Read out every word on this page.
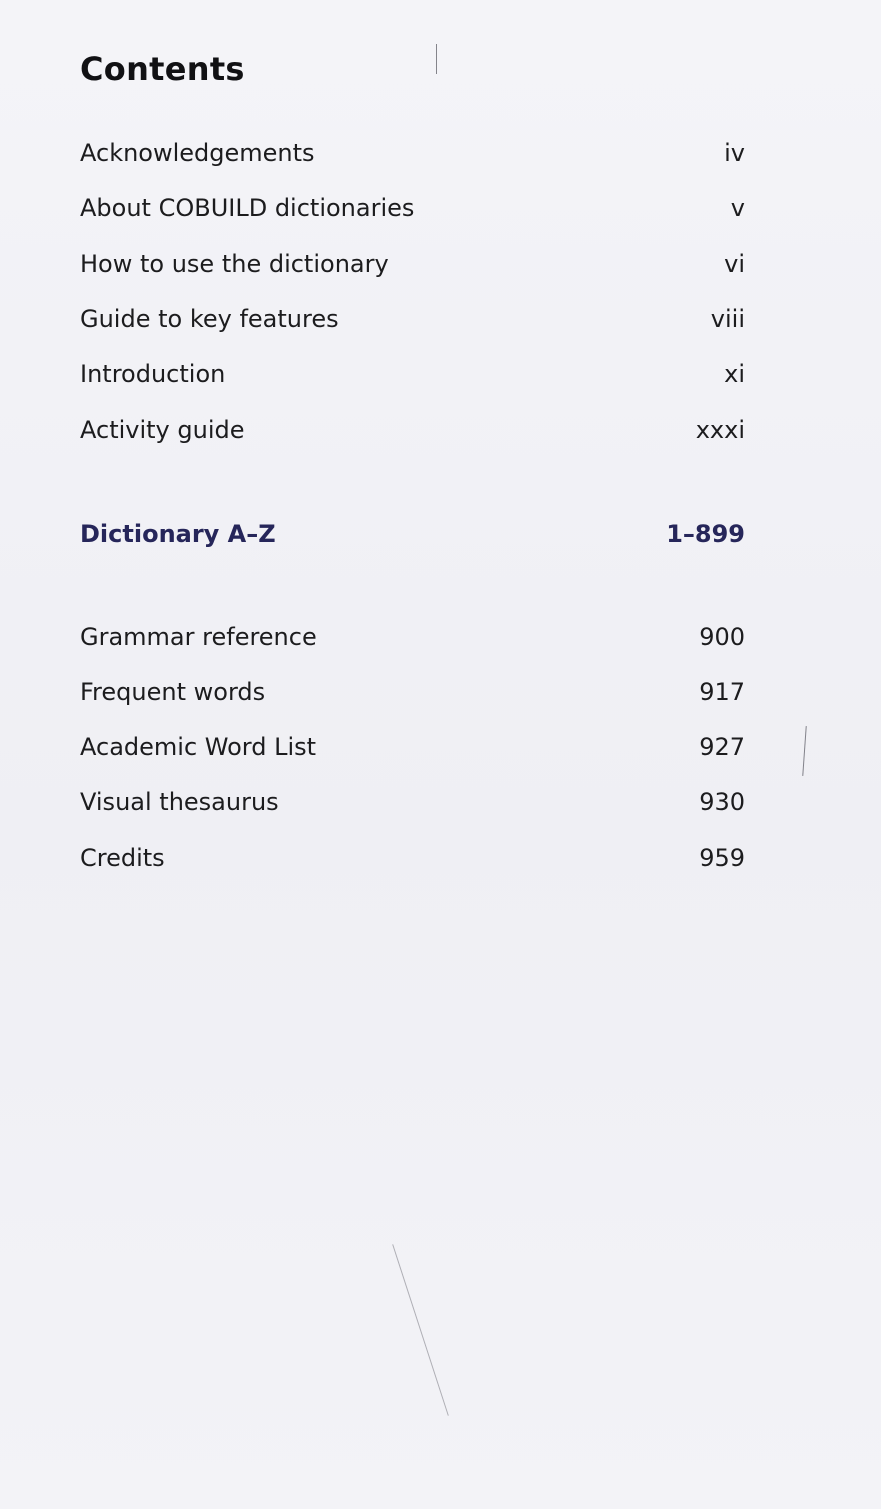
Contents
Acknowledgements	iv
About COBUILD dictionaries	v
How to use the dictionary	vi
Guide to key features	viii
Introduction	xi
Activity guide	xxxi
Dictionary A–Z	1–899
Grammar reference	900
Frequent words	917
Academic Word List	927
Visual thesaurus	930
Credits	959
